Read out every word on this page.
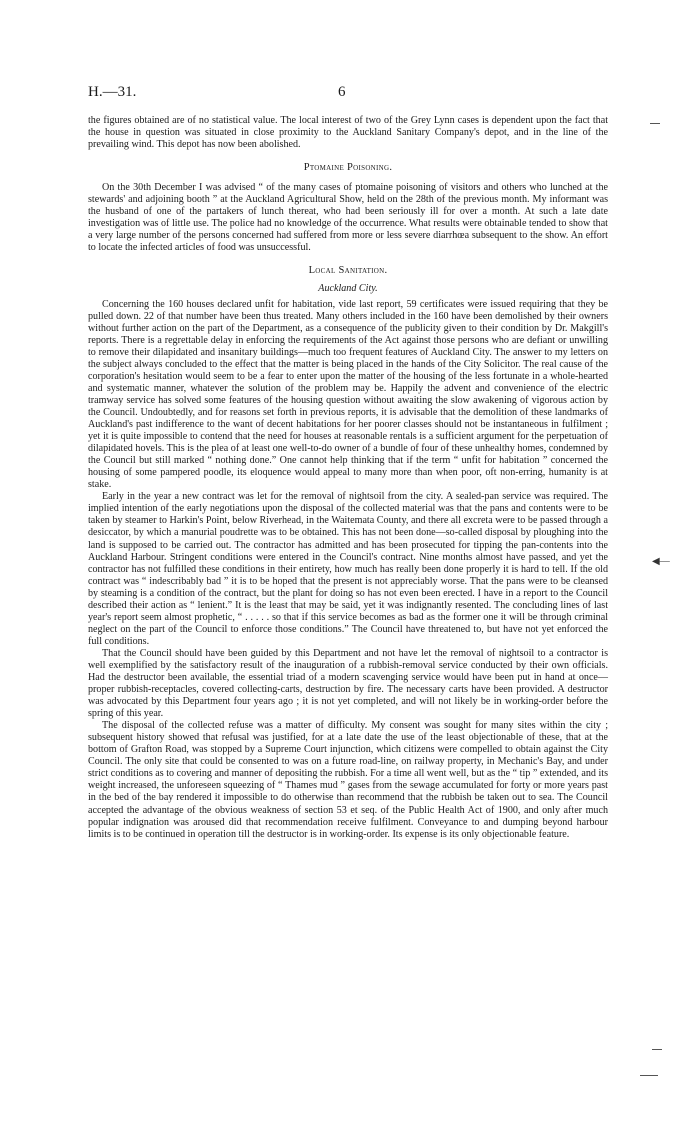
H.—31.	6
◀—

the figures obtained are of no statistical value. The local interest of two of the Grey Lynn cases is dependent upon the fact that the house in question was situated in close proximity to the Auckland Sanitary Company's depot, and in the line of the prevailing wind. This depot has now been abolished.

Ptomaine Poisoning.

On the 30th December I was advised “ of the many cases of ptomaine poisoning of visitors and others who lunched at the stewards' and adjoining booth ” at the Auckland Agricultural Show, held on the 28th of the previous month. My informant was the husband of one of the partakers of lunch thereat, who had been seriously ill for over a month. At such a late date investigation was of little use. The police had no knowledge of the occurrence. What results were obtainable tended to show that a very large number of the persons concerned had suffered from more or less severe diarrhœa subsequent to the show. An effort to locate the infected articles of food was unsuccessful.

Local Sanitation.

Auckland City.

Concerning the 160 houses declared unfit for habitation, vide last report, 59 certificates were issued requiring that they be pulled down. 22 of that number have been thus treated. Many others included in the 160 have been demolished by their owners without further action on the part of the Department, as a consequence of the publicity given to their condition by Dr. Makgill's reports. There is a regrettable delay in enforcing the requirements of the Act against those persons who are defiant or unwilling to remove their dilapidated and insanitary buildings—much too frequent features of Auckland City. The answer to my letters on the subject always concluded to the effect that the matter is being placed in the hands of the City Solicitor. The real cause of the corporation's hesitation would seem to be a fear to enter upon the matter of the housing of the less fortunate in a whole-hearted and systematic manner, whatever the solution of the problem may be. Happily the advent and convenience of the electric tramway service has solved some features of the housing question without awaiting the slow awakening of vigorous action by the Council. Undoubtedly, and for reasons set forth in previous reports, it is advisable that the demolition of these landmarks of Auckland's past indifference to the want of decent habitations for her poorer classes should not be instantaneous in fulfilment ; yet it is quite impossible to contend that the need for houses at reasonable rentals is a sufficient argument for the perpetuation of dilapidated hovels. This is the plea of at least one well-to-do owner of a bundle of four of these unhealthy homes, condemned by the Council but still marked “ nothing done.” One cannot help thinking that if the term “ unfit for habitation ” concerned the housing of some pampered poodle, its eloquence would appeal to many more than when poor, oft non-erring, humanity is at stake.

Early in the year a new contract was let for the removal of nightsoil from the city. A sealed-pan service was required. The implied intention of the early negotiations upon the disposal of the collected material was that the pans and contents were to be taken by steamer to Harkin's Point, below Riverhead, in the Waitemata County, and there all excreta were to be passed through a desiccator, by which a manurial poudrette was to be obtained. This has not been done—so-called disposal by ploughing into the land is supposed to be carried out. The contractor has admitted and has been prosecuted for tipping the pan-contents into the Auckland Harbour. Stringent conditions were entered in the Council's contract. Nine months almost have passed, and yet the contractor has not fulfilled these conditions in their entirety, how much has really been done properly it is hard to tell. If the old contract was “ indescribably bad ” it is to be hoped that the present is not appreciably worse. That the pans were to be cleansed by steaming is a condition of the contract, but the plant for doing so has not even been erected. I have in a report to the Council described their action as “ lenient.” It is the least that may be said, yet it was indignantly resented. The concluding lines of last year's report seem almost prophetic, “ . . . . . so that if this service becomes as bad as the former one it will be through criminal neglect on the part of the Council to enforce those conditions.” The Council have threatened to, but have not yet enforced the full conditions.

That the Council should have been guided by this Department and not have let the removal of nightsoil to a contractor is well exemplified by the satisfactory result of the inauguration of a rubbish-removal service conducted by their own officials. Had the destructor been available, the essential triad of a modern scavenging service would have been put in hand at once—proper rubbish-receptacles, covered collecting-carts, destruction by fire. The necessary carts have been provided. A destructor was advocated by this Department four years ago ; it is not yet completed, and will not likely be in working-order before the spring of this year.

The disposal of the collected refuse was a matter of difficulty. My consent was sought for many sites within the city ; subsequent history showed that refusal was justified, for at a late date the use of the least objectionable of these, that at the bottom of Grafton Road, was stopped by a Supreme Court injunction, which citizens were compelled to obtain against the City Council. The only site that could be consented to was on a future road-line, on railway property, in Mechanic's Bay, and under strict conditions as to covering and manner of depositing the rubbish. For a time all went well, but as the “ tip ” extended, and its weight increased, the unforeseen squeezing of “ Thames mud ” gases from the sewage accumulated for forty or more years past in the bed of the bay rendered it impossible to do otherwise than recommend that the rubbish be taken out to sea. The Council accepted the advantage of the obvious weakness of section 53 et seq. of the Public Health Act of 1900, and only after much popular indignation was aroused did that recommendation receive fulfilment. Conveyance to and dumping beyond harbour limits is to be continued in operation till the destructor is in working-order. Its expense is its only objectionable feature.
